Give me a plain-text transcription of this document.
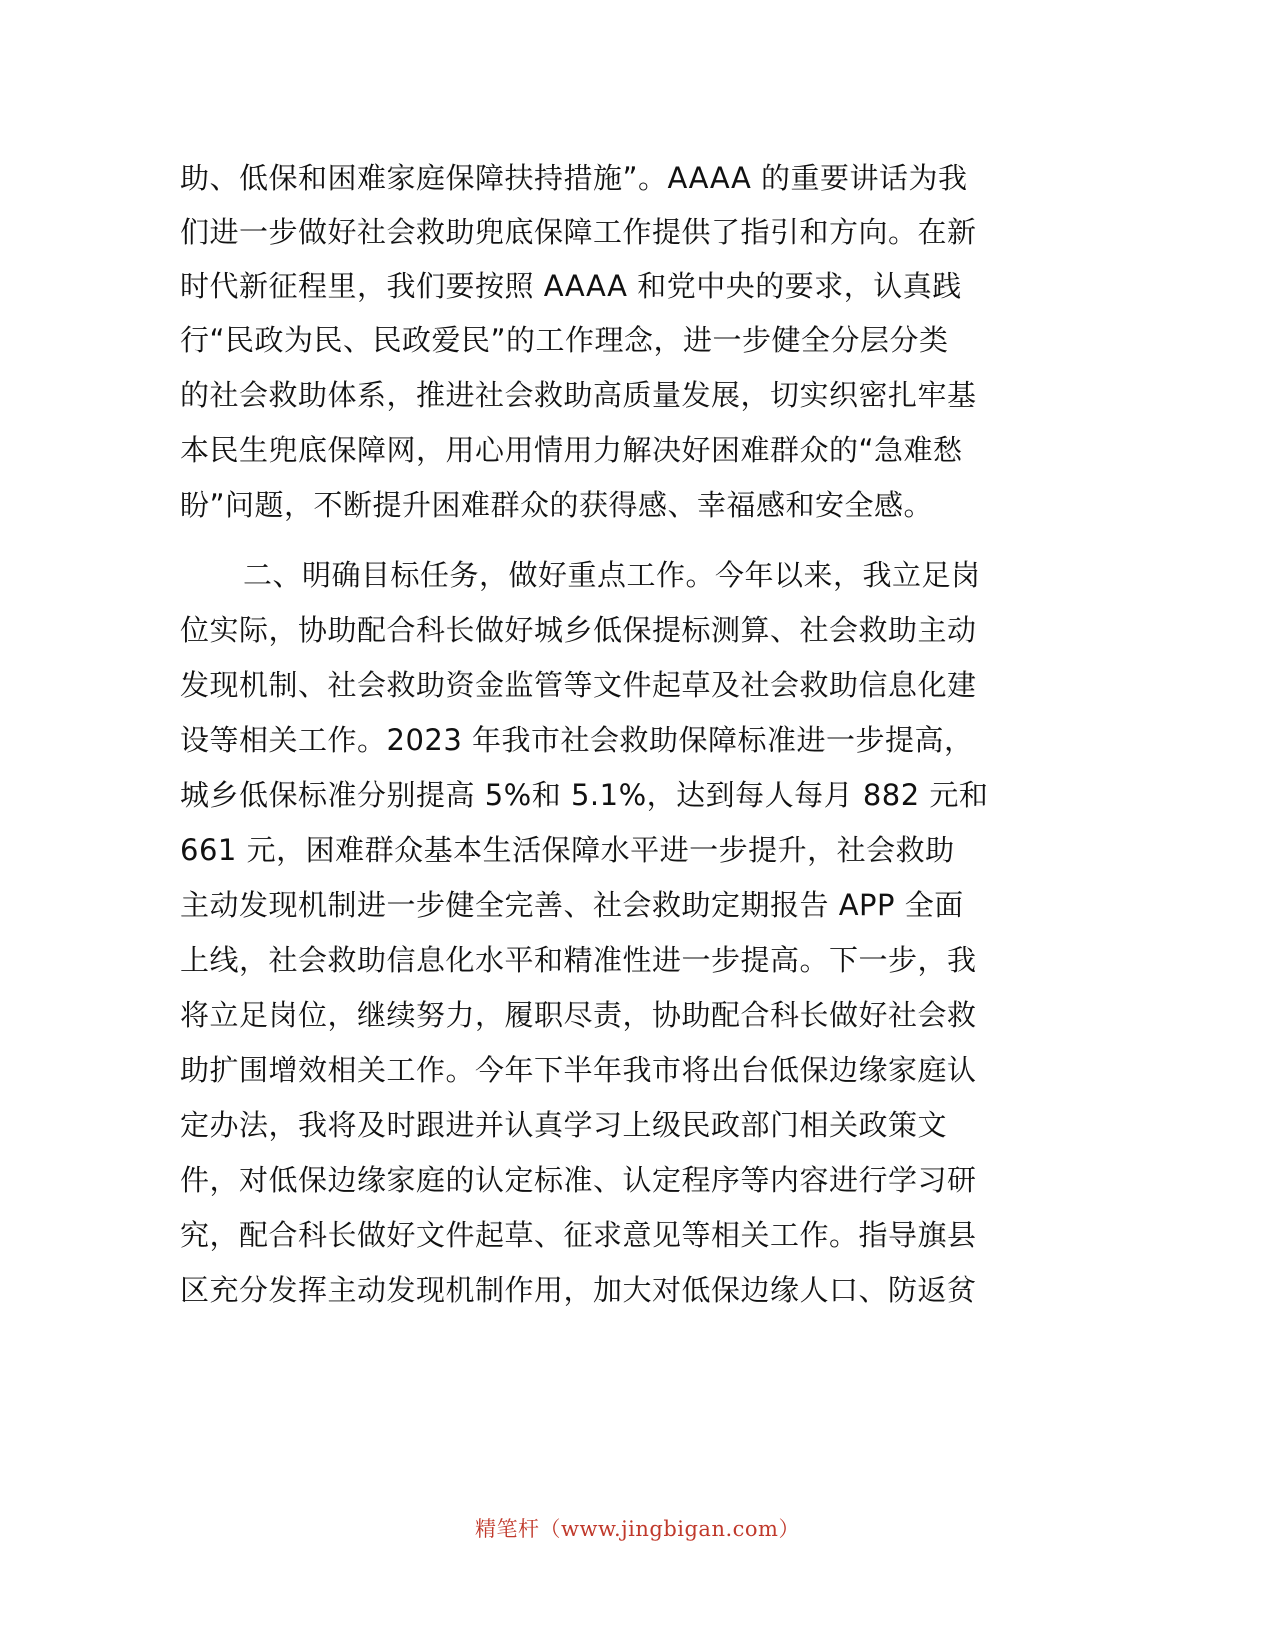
助、低保和困难家庭保障扶持措施”。AAAA 的重要讲话为我
们进一步做好社会救助兜底保障工作提供了指引和方向。在新
时代新征程里，我们要按照 AAAA 和党中央的要求，认真践
行“民政为民、民政爱民”的工作理念，进一步健全分层分类
的社会救助体系，推进社会救助高质量发展，切实织密扎牢基
本民生兜底保障网，用心用情用力解决好困难群众的“急难愁
盼”问题，不断提升困难群众的获得感、幸福感和安全感。
二、明确目标任务，做好重点工作。今年以来，我立足岗
位实际，协助配合科长做好城乡低保提标测算、社会救助主动
发现机制、社会救助资金监管等文件起草及社会救助信息化建
设等相关工作。2023 年我市社会救助保障标准进一步提高，
城乡低保标准分别提高 5%和 5.1%，达到每人每月 882 元和
661 元，困难群众基本生活保障水平进一步提升，社会救助
主动发现机制进一步健全完善、社会救助定期报告 APP 全面
上线，社会救助信息化水平和精准性进一步提高。下一步，我
将立足岗位，继续努力，履职尽责，协助配合科长做好社会救
助扩围增效相关工作。今年下半年我市将出台低保边缘家庭认
定办法，我将及时跟进并认真学习上级民政部门相关政策文
件，对低保边缘家庭的认定标准、认定程序等内容进行学习研
究，配合科长做好文件起草、征求意见等相关工作。指导旗县
区充分发挥主动发现机制作用，加大对低保边缘人口、防返贫
精笔杆（www.jingbigan.com）
